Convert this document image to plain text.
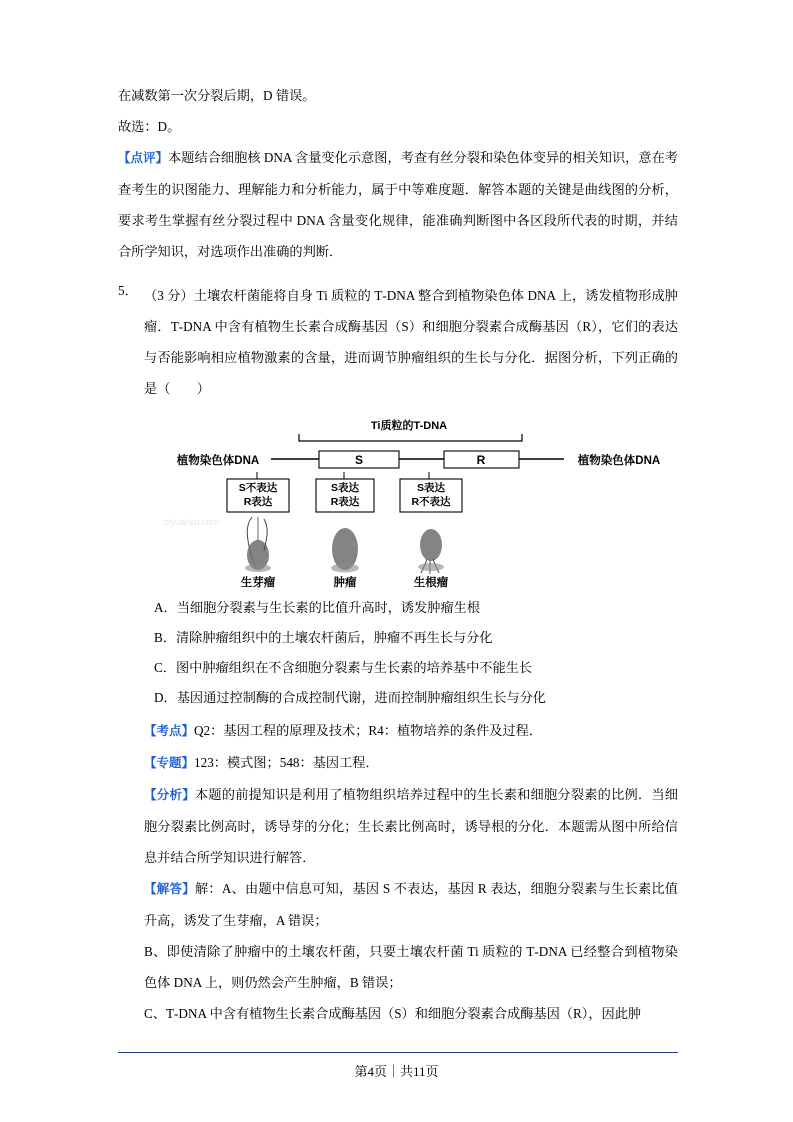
在减数第一次分裂后期，D 错误。

故选：D。

【点评】本题结合细胞核 DNA 含量变化示意图，考查有丝分裂和染色体变异的相关知识，意在考查考生的识图能力、理解能力和分析能力，属于中等难度题．解答本题的关键是曲线图的分析，要求考生掌握有丝分裂过程中 DNA 含量变化规律，能准确判断图中各区段所代表的时期，并结合所学知识，对选项作出准确的判断．

5． （3 分）土壤农杆菌能将自身 Ti 质粒的 T‑DNA 整合到植物染色体 DNA 上，诱发植物形成肿瘤．T‑DNA 中含有植物生长素合成酶基因（S）和细胞分裂素合成酶基因（R），它们的表达与否能影响相应植物激素的含量，进而调节肿瘤组织的生长与分化．据图分析，下列正确的是（　　）

Ti质粒的T-DNA
植物染色体DNA	植物染色体DNA
S	R
S不表达
R表达
S表达
R表达
S表达
R不表达
生芽瘤	肿瘤	生根瘤
ziyuanku.com

A．当细胞分裂素与生长素的比值升高时，诱发肿瘤生根

B．清除肿瘤组织中的土壤农杆菌后，肿瘤不再生长与分化

C．图中肿瘤组织在不含细胞分裂素与生长素的培养基中不能生长

D．基因通过控制酶的合成控制代谢，进而控制肿瘤组织生长与分化

【考点】Q2：基因工程的原理及技术；R4：植物培养的条件及过程．

【专题】123：模式图；548：基因工程．

【分析】本题的前提知识是利用了植物组织培养过程中的生长素和细胞分裂素的比例．当细胞分裂素比例高时，诱导芽的分化；生长素比例高时，诱导根的分化．本题需从图中所给信息并结合所学知识进行解答．

【解答】解：A、由题中信息可知，基因 S 不表达，基因 R 表达，细胞分裂素与生长素比值升高，诱发了生芽瘤，A 错误；

B、即使清除了肿瘤中的土壤农杆菌，只要土壤农杆菌 Ti 质粒的 T‑DNA 已经整合到植物染色体 DNA 上，则仍然会产生肿瘤，B 错误；

C、T‑DNA 中含有植物生长素合成酶基因（S）和细胞分裂素合成酶基因（R），因此肿

第4页｜共11页
